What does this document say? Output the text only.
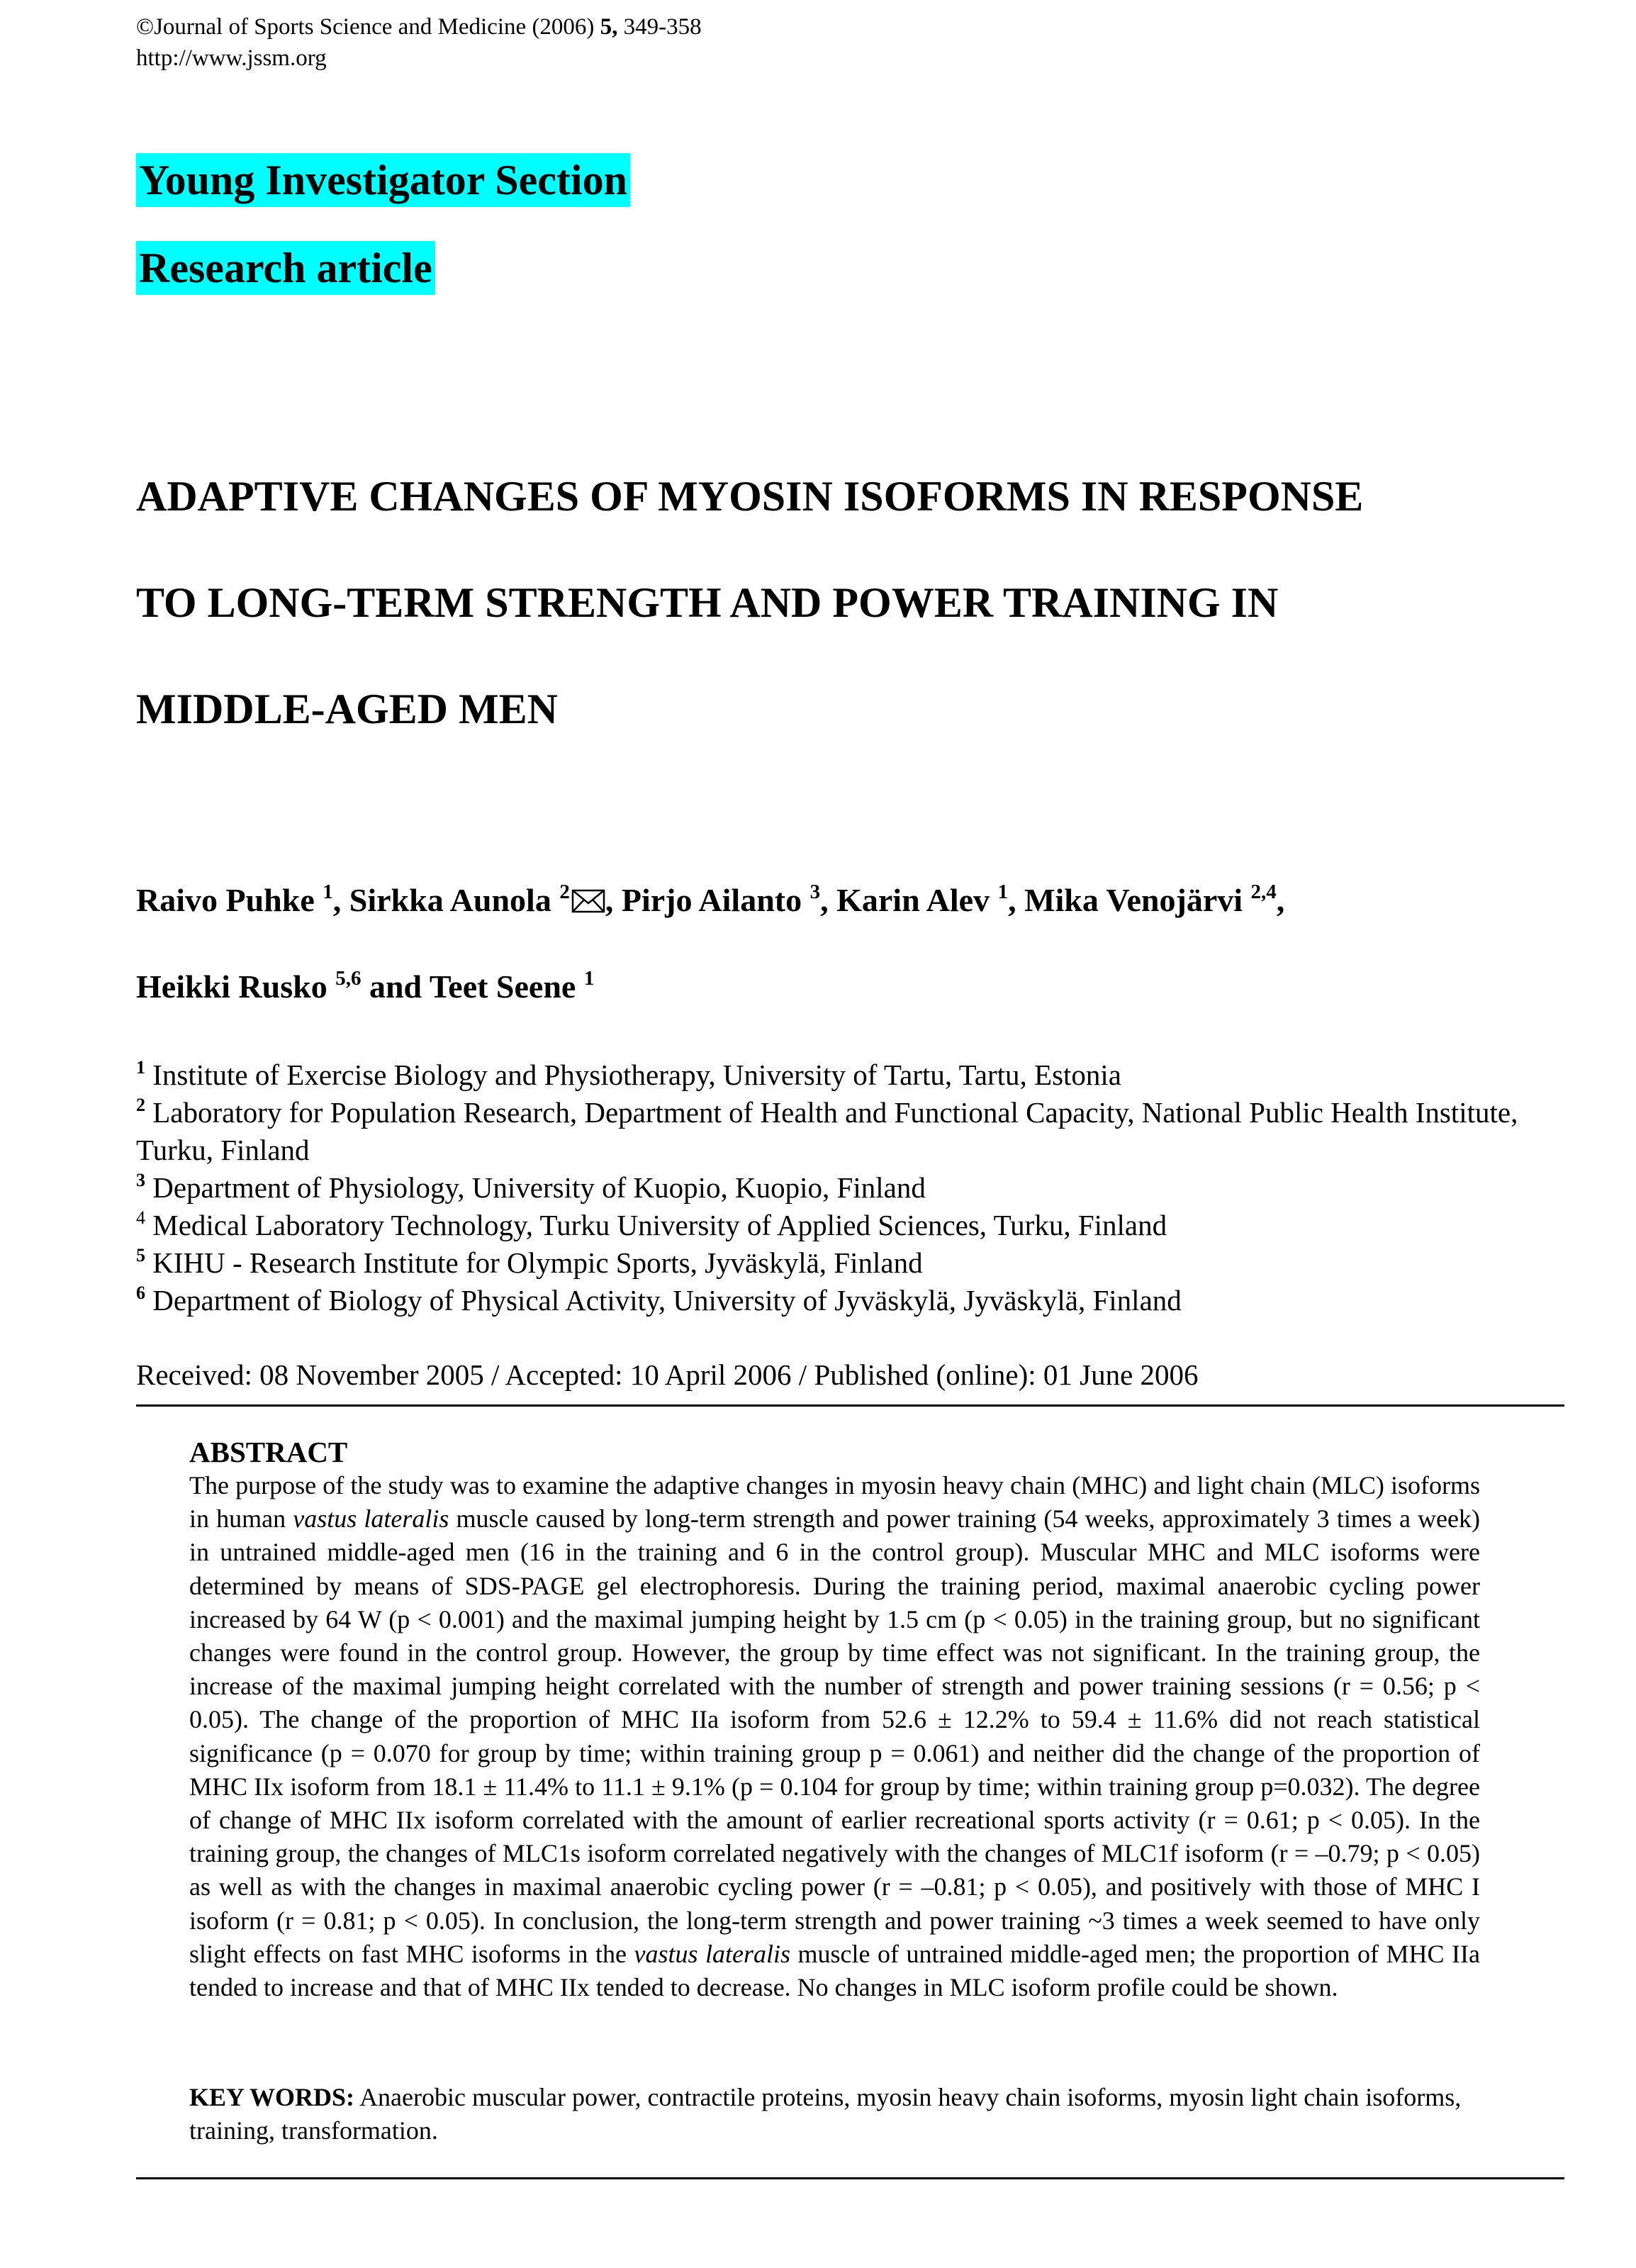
©Journal of Sports Science and Medicine (2006) 5, 349-358
http://www.jssm.org
Young Investigator Section
Research article
ADAPTIVE CHANGES OF MYOSIN ISOFORMS IN RESPONSE
TO LONG-TERM STRENGTH AND POWER TRAINING IN
MIDDLE-AGED MEN
Raivo Puhke $^1$, Sirkka Aunola $^2$ , Pirjo Ailanto $^3$, Karin Alev $^1$, Mika Venojärvi $^{2,4}$,
Heikki Rusko $^{5,6}$ and Teet Seene $^1$
$^1$ Institute of Exercise Biology and Physiotherapy, University of Tartu, Tartu, Estonia
$^2$ Laboratory for Population Research, Department of Health and Functional Capacity, National Public Health Institute, Turku, Finland
$^3$ Department of Physiology, University of Kuopio, Kuopio, Finland
$^4$ Medical Laboratory Technology, Turku University of Applied Sciences, Turku, Finland
$^5$ KIHU - Research Institute for Olympic Sports, Jyväskylä, Finland
$^6$ Department of Biology of Physical Activity, University of Jyväskylä, Jyväskylä, Finland
Received: 08 November 2005 / Accepted: 10 April 2006 / Published (online): 01 June 2006
ABSTRACT
The purpose of the study was to examine the adaptive changes in myosin heavy chain (MHC) and light chain (MLC) isoforms in human vastus lateralis muscle caused by long-term strength and power training (54 weeks, approximately 3 times a week) in untrained middle-aged men (16 in the training and 6 in the control group). Muscular MHC and MLC isoforms were determined by means of SDS-PAGE gel electrophoresis. During the training period, maximal anaerobic cycling power increased by 64 W (p < 0.001) and the maximal jumping height by 1.5 cm (p < 0.05) in the training group, but no significant changes were found in the control group. However, the group by time effect was not significant. In the training group, the increase of the maximal jumping height correlated with the number of strength and power training sessions (r = 0.56; p < 0.05). The change of the proportion of MHC IIa isoform from 52.6 ± 12.2% to 59.4 ± 11.6% did not reach statistical significance (p = 0.070 for group by time; within training group p = 0.061) and neither did the change of the proportion of MHC IIx isoform from 18.1 ± 11.4% to 11.1 ± 9.1% (p = 0.104 for group by time; within training group p=0.032). The degree of change of MHC IIx isoform correlated with the amount of earlier recreational sports activity (r = 0.61; p < 0.05). In the training group, the changes of MLC1s isoform correlated negatively with the changes of MLC1f isoform (r = –0.79; p < 0.05) as well as with the changes in maximal anaerobic cycling power (r = –0.81; p < 0.05), and positively with those of MHC I isoform (r = 0.81; p < 0.05). In conclusion, the long-term strength and power training ~3 times a week seemed to have only slight effects on fast MHC isoforms in the vastus lateralis muscle of untrained middle-aged men; the proportion of MHC IIa tended to increase and that of MHC IIx tended to decrease. No changes in MLC isoform profile could be shown.
KEY WORDS: Anaerobic muscular power, contractile proteins, myosin heavy chain isoforms, myosin light chain isoforms, training, transformation.
